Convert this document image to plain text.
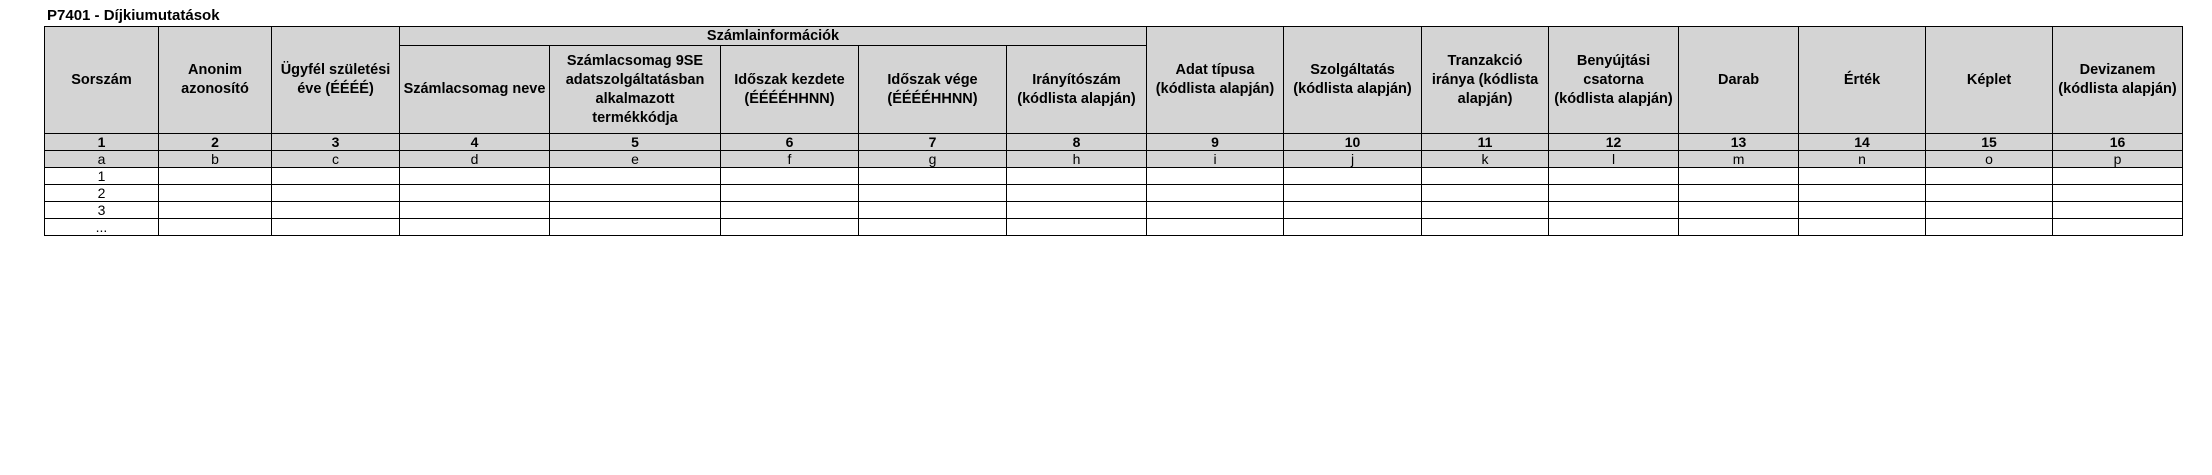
P7401 - Díjkiumutatások
Sorszám	Anonim azonosító	Ügyfél születési éve (ÉÉÉÉ)	Számlainformációk					Adat típusa (kódlista alapján)	Szolgáltatás (kódlista alapján)	Tranzakció iránya (kódlista alapján)	Benyújtási csatorna (kódlista alapján)	Darab	Érték	Képlet	Devizanem (kódlista alapján)
			Számlacsomag neve	Számlacsomag 9SE adatszolgáltatásban alkalmazott termékkódja	Időszak kezdete (ÉÉÉÉHHNN)	Időszak vége (ÉÉÉÉHHNN)	Irányítószám (kódlista alapján)								
1	2	3	4	5	6	7	8	9	10	11	12	13	14	15	16
a	b	c	d	e	f	g	h	i	j	k	l	m	n	o	p
1															
2															
3															
...															
